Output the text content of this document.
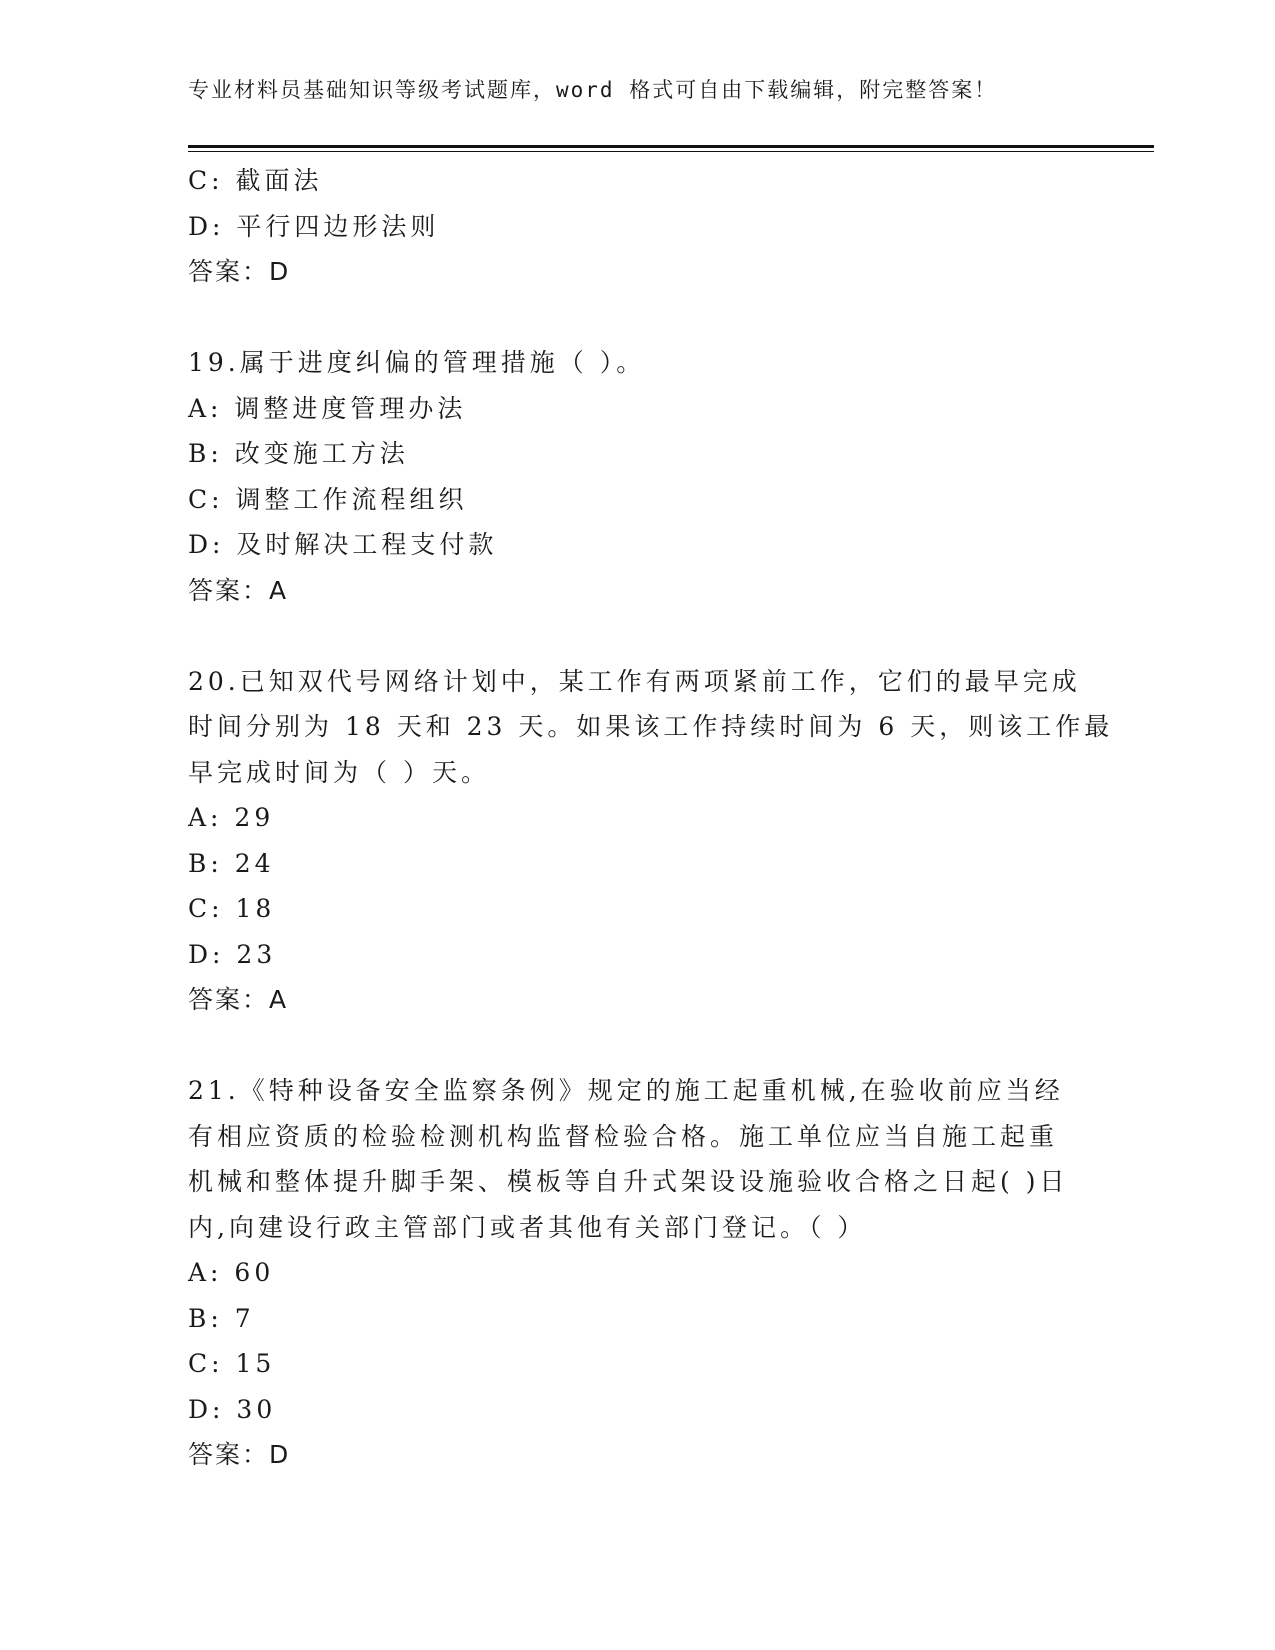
专业材料员基础知识等级考试题库，word 格式可自由下载编辑，附完整答案！
C: 截面法
D: 平行四边形法则
答案：D
19.属于进度纠偏的管理措施（ ）。
A: 调整进度管理办法
B: 改变施工方法
C: 调整工作流程组织
D: 及时解决工程支付款
答案：A
20.已知双代号网络计划中，某工作有两项紧前工作，它们的最早完成
时间分别为 18 天和 23 天。如果该工作持续时间为 6 天，则该工作最
早完成时间为（ ）天。
A: 29
B: 24
C: 18
D: 23
答案：A
21.《特种设备安全监察条例》规定的施工起重机械,在验收前应当经
有相应资质的检验检测机构监督检验合格。施工单位应当自施工起重
机械和整体提升脚手架、模板等自升式架设设施验收合格之日起( )日
内,向建设行政主管部门或者其他有关部门登记。（ ）
A: 60
B: 7
C: 15
D: 30
答案：D
